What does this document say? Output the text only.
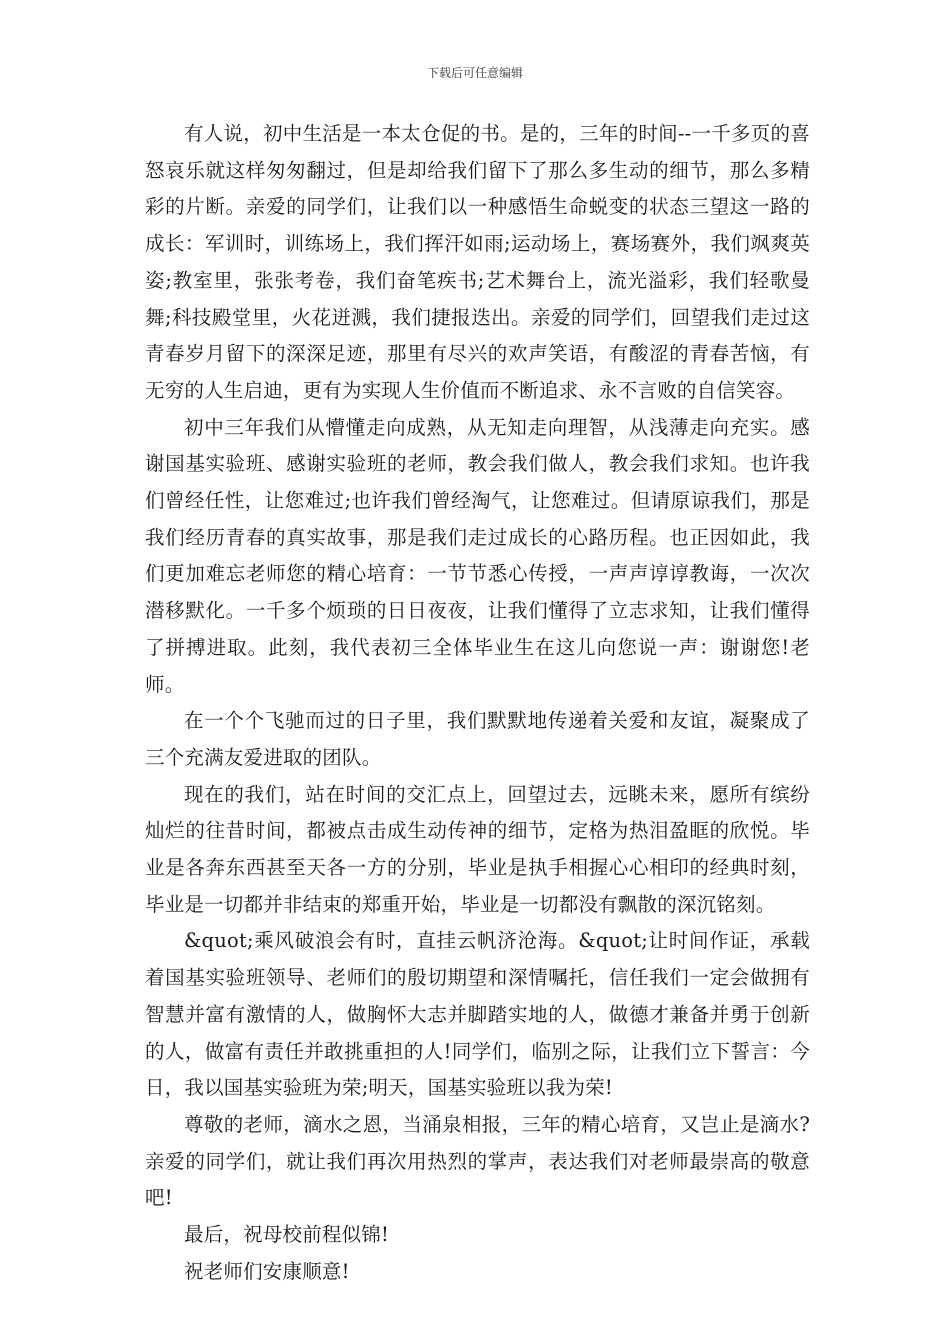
下载后可任意编辑

有人说，初中生活是一本太仓促的书。是的，三年的时间--一千多页的喜怒哀乐就这样匆匆翻过，但是却给我们留下了那么多生动的细节，那么多精彩的片断。亲爱的同学们，让我们以一种感悟生命蜕变的状态三望这一路的成长：军训时，训练场上，我们挥汗如雨;运动场上，赛场赛外，我们飒爽英姿;教室里，张张考卷，我们奋笔疾书;艺术舞台上，流光溢彩，我们轻歌曼舞;科技殿堂里，火花迸溅，我们捷报迭出。亲爱的同学们，回望我们走过这青春岁月留下的深深足迹，那里有尽兴的欢声笑语，有酸涩的青春苦恼，有无穷的人生启迪，更有为实现人生价值而不断追求、永不言败的自信笑容。

初中三年我们从懵懂走向成熟，从无知走向理智，从浅薄走向充实。感谢国基实验班、感谢实验班的老师，教会我们做人，教会我们求知。也许我们曾经任性，让您难过;也许我们曾经淘气，让您难过。但请原谅我们，那是我们经历青春的真实故事，那是我们走过成长的心路历程。也正因如此，我们更加难忘老师您的精心培育：一节节悉心传授，一声声谆谆教诲，一次次潜移默化。一千多个烦琐的日日夜夜，让我们懂得了立志求知，让我们懂得了拼搏进取。此刻，我代表初三全体毕业生在这儿向您说一声：谢谢您!老师。

在一个个飞驰而过的日子里，我们默默地传递着关爱和友谊，凝聚成了三个充满友爱进取的团队。

现在的我们，站在时间的交汇点上，回望过去，远眺未来，愿所有缤纷灿烂的往昔时间，都被点击成生动传神的细节，定格为热泪盈眶的欣悦。毕业是各奔东西甚至天各一方的分别，毕业是执手相握心心相印的经典时刻，毕业是一切都并非结束的郑重开始，毕业是一切都没有飘散的深沉铭刻。

&quot;乘风破浪会有时，直挂云帆济沧海。&quot;让时间作证，承载着国基实验班领导、老师们的殷切期望和深情嘱托，信任我们一定会做拥有智慧并富有激情的人，做胸怀大志并脚踏实地的人，做德才兼备并勇于创新的人，做富有责任并敢挑重担的人!同学们，临别之际，让我们立下誓言：今日，我以国基实验班为荣;明天，国基实验班以我为荣!

尊敬的老师，滴水之恩，当涌泉相报，三年的精心培育，又岂止是滴水?亲爱的同学们，就让我们再次用热烈的掌声，表达我们对老师最崇高的敬意吧!

最后，祝母校前程似锦!

祝老师们安康顺意!
